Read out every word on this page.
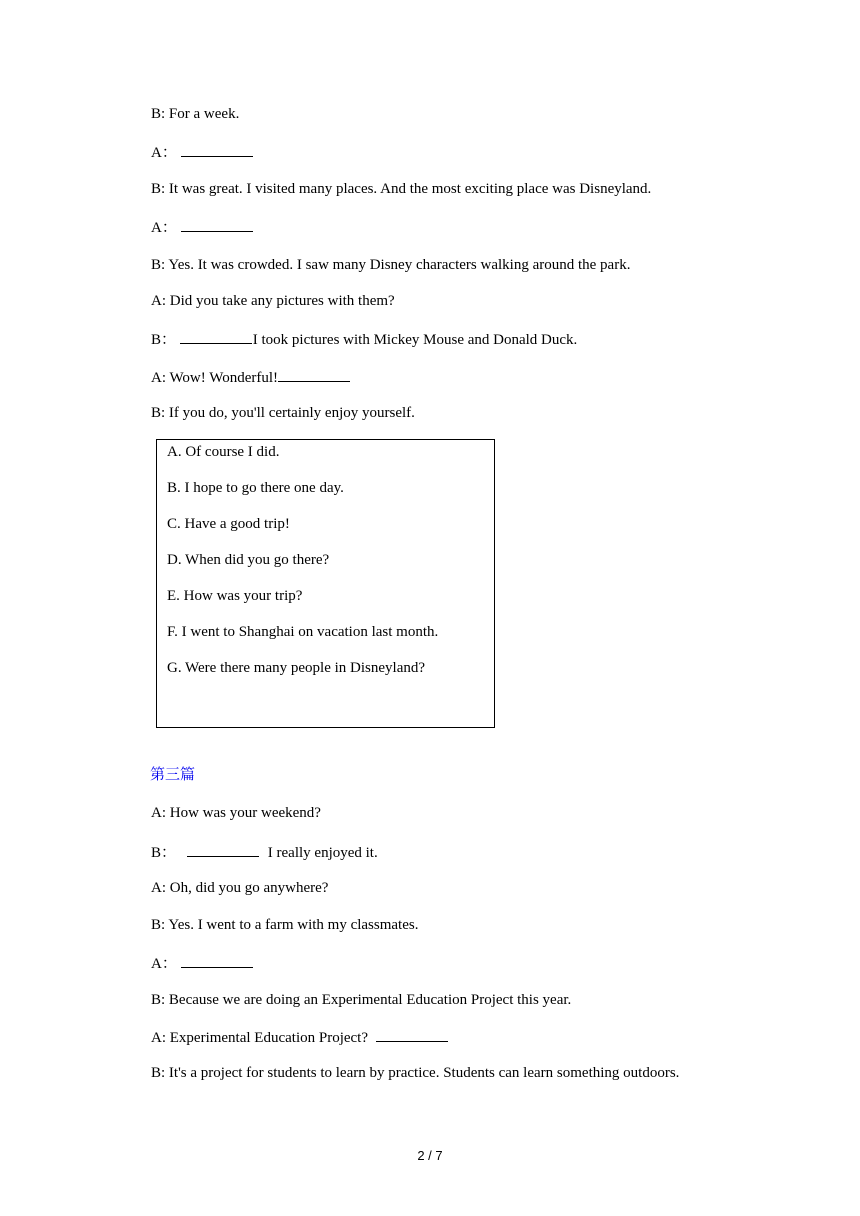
B: For a week.
A：
B: It was great. I visited many places. And the most exciting place was Disneyland.
A：
B: Yes. It was crowded. I saw many Disney characters walking around the park.
A: Did you take any pictures with them?
B：	I took pictures with Mickey Mouse and Donald Duck.
A: Wow! Wonderful!
B: If you do, you'll certainly enjoy yourself.
A. Of course I did.
B. I hope to go there one day.
C. Have a good trip!
D. When did you go there?
E. How was your trip?
F. I went to Shanghai on vacation last month.
G. Were there many people in Disneyland?
第三篇
A: How was your weekend?
B：	I really enjoyed it.
A: Oh, did you go anywhere?
B: Yes. I went to a farm with my classmates.
A：
B: Because we are doing an Experimental Education Project this year.
A: Experimental Education Project?
B: It's a project for students to learn by practice. Students can learn something outdoors.
2 / 7
